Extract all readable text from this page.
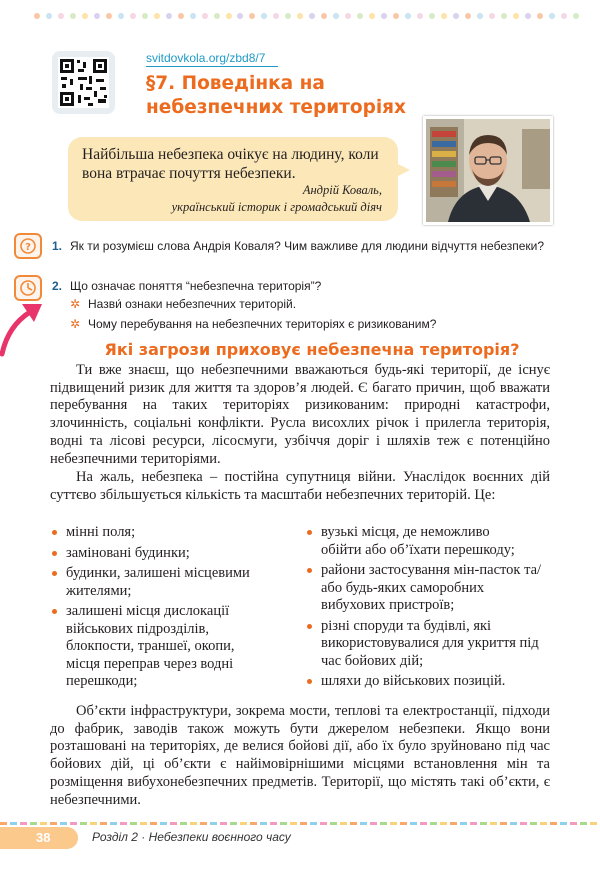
svitdovkola.org/zbd8/7
§7. Поведінка на небезпечних територіях
Найбільша небезпека очікує на людину, коли вона втрачає почуття небезпеки.
Андрій Коваль,
український історик і громадський діяч
? 1. Як ти розумієш слова Андрія Коваля? Чим важливе для людини відчуття небезпеки?
2. Що означає поняття “небезпечна територія”?
✲ Назви́ ознаки небезпечних територій.
✲ Чому перебування на небезпечних територіях є ризикованим?
Які загрози приховує небезпечна територія?
Ти вже знаєш, що небезпечними вважаються будь-які території, де існує підвищений ризик для життя та здоров’я людей. Є багато причин, щоб вважати перебування на таких територіях ризикованим: природні катастрофи, злочинність, соціальні конфлікти. Русла висохлих річок і прилегла територія, водні та лісові ресурси, лісосмуги, узбіччя доріг і шляхів теж є потенційно небезпечними територіями.
На жаль, небезпека – постійна супутниця війни. Унаслідок воєнних дій суттєво збільшується кількість та масштаби небезпечних територій. Це:
мінні поля;
заміновані будинки;
будинки, залишені місцевими жителями;
залишені місця дислокації військових підрозділів, блокпости, траншеї, окопи, місця переправ через водні перешкоди;
вузькі місця, де неможливо обійти або об’їхати перешкоду;
райони застосування мін-пасток та/або будь-яких саморобних вибухових пристроїв;
різні споруди та будівлі, які використовувалися для укриття під час бойових дій;
шляхи до військових позицій.
Об’єкти інфраструктури, зокрема мости, теплові та електростанції, підходи до фабрик, заводів також можуть бути джерелом небезпеки. Якщо вони розташовані на територіях, де велися бойові дії, або їх було зруйновано під час бойових дій, ці об’єкти є найімовірнішими місцями встановлення мін та розміщення вибухонебезпечних предметів. Території, що містять такі об’єкти, є небезпечними.
38	Розділ 2 · Небезпеки воєнного часу
